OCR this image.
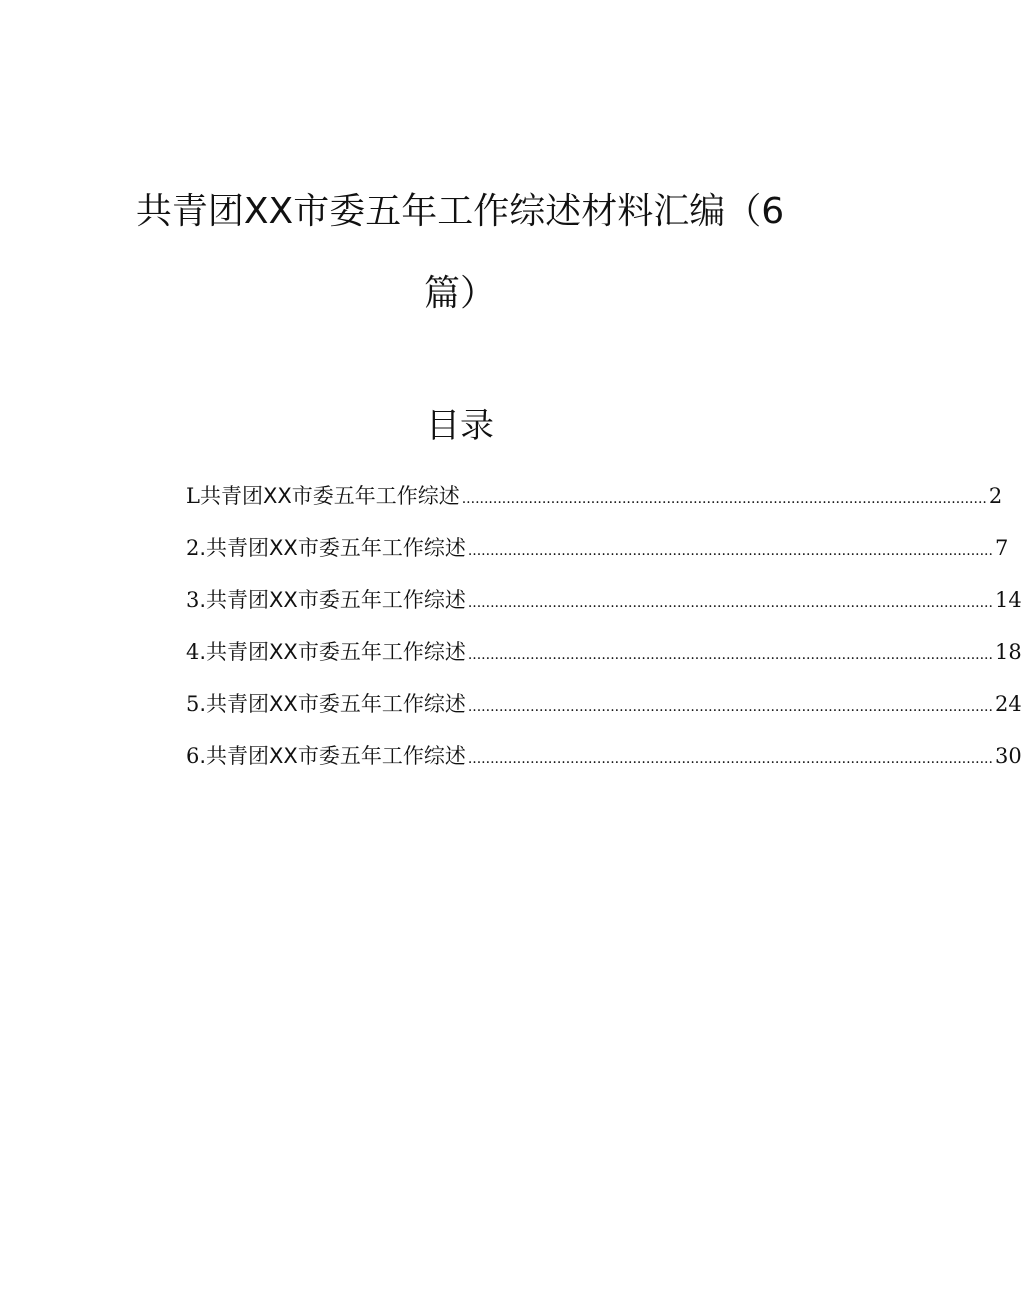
共青团XX市委五年工作综述材料汇编（6
篇）
目录
L 共青团XX市委五年工作综述 ...................................................................................................................... 2
2 .共青团XX市委五年工作综述 ...................................................................................................................... 7
3 .共青团XX市委五年工作综述 ...................................................................................................................... 14
4 .共青团XX市委五年工作综述 ...................................................................................................................... 18
5 .共青团XX市委五年工作综述 ...................................................................................................................... 24
6 .共青团XX市委五年工作综述 ...................................................................................................................... 30
